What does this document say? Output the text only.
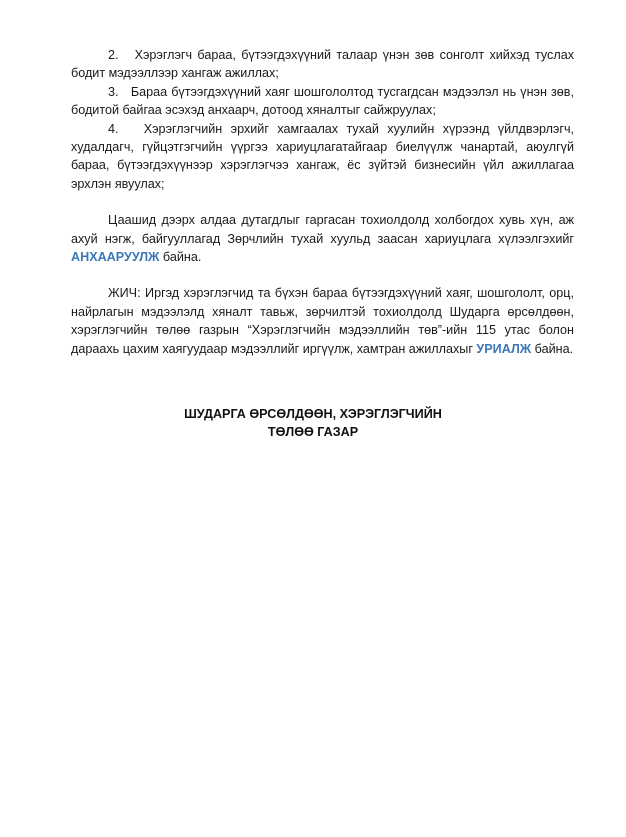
2. Хэрэглэгч бараа, бүтээгдэхүүний талаар үнэн зөв сонголт хийхэд туслах бодит мэдээллээр хангаж ажиллах;

3. Бараа бүтээгдэхүүний хаяг шошгололтод тусгагдсан мэдээлэл нь үнэн зөв, бодитой байгаа эсэхэд анхаарч, дотоод хяналтыг сайжруулах;

4. Хэрэглэгчийн эрхийг хамгаалах тухай хуулийн хүрээнд үйлдвэрлэгч, худалдагч, гүйцэтгэгчийн үүргээ хариуцлагатайгаар биелүүлж чанартай, аюулгүй бараа, бүтээгдэхүүнээр хэрэглэгчээ хангаж, ёс зүйтэй бизнесийн үйл ажиллагаа эрхлэн явуулах;

Цаашид дээрх алдаа дутагдлыг гаргасан тохиолдолд холбогдох хувь хүн, аж ахуй нэгж, байгууллагад Зөрчлийн тухай хуульд заасан хариуцлага хүлээлгэхийг АНХААРУУЛЖ байна.

ЖИЧ: Иргэд хэрэглэгчид та бүхэн бараа бүтээгдэхүүний хаяг, шошгололт, орц, найрлагын мэдээлэлд хяналт тавьж, зөрчилтэй тохиолдолд Шударга өрсөлдөөн, хэрэглэгчийн төлөө газрын “Хэрэглэгчийн мэдээллийн төв”-ийн 115 утас болон дараахь цахим хаягуудаар мэдээллийг иргүүлж, хамтран ажиллахыг УРИАЛЖ байна.

ШУДАРГА ӨРСӨЛДӨӨН, ХЭРЭГЛЭГЧИЙН
ТӨЛӨӨ ГАЗАР
